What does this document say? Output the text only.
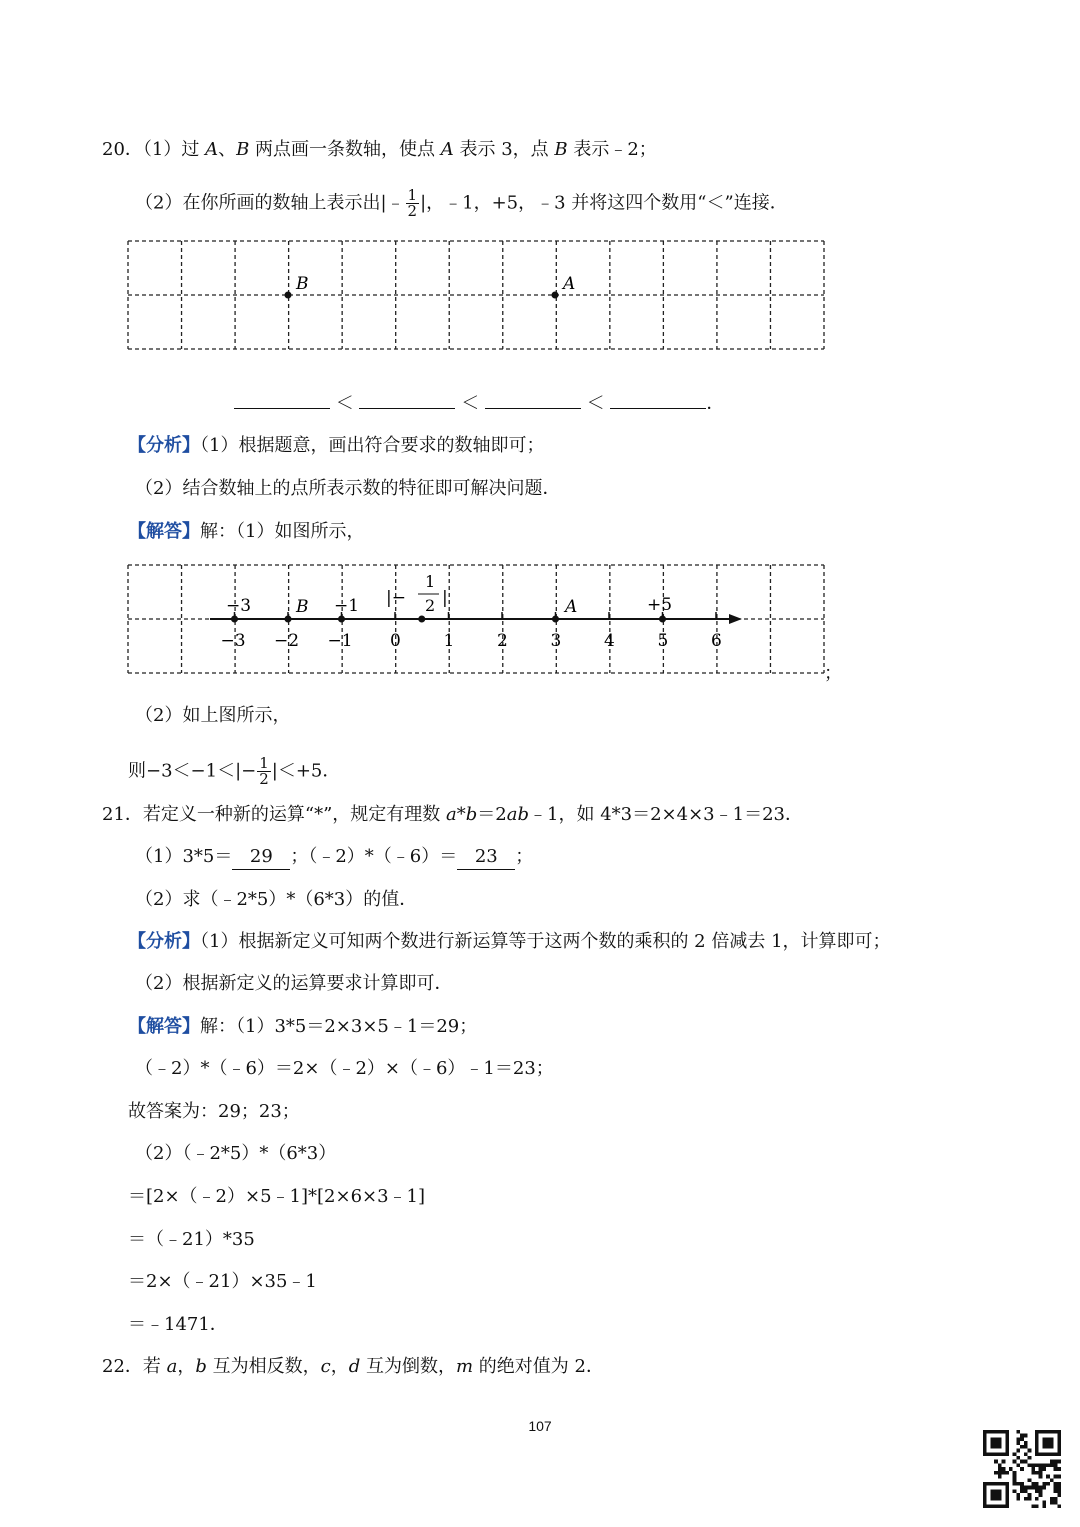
20．（1）过 A、B 两点画一条数轴，使点 A 表示 3，点 B 表示﹣2；
（2）在你所画的数轴上表示出|﹣ $\frac{1}{2}$ |，﹣1，+5，﹣3 并将这四个数用“＜”连接．
B	A
＜	＜	＜	．
【分析】（1）根据题意，画出符合要求的数轴即可；
（2）结合数轴上的点所表示数的特征即可解决问题．
【解答】解：（1）如图所示，
−3 −2 −1 0	1	2	3	4	5	6
−3	B −1 |−
1
2 |	A	+5
；
（2）如上图所示，
则$-3<-1<|- \frac{1}{2} |<+5$．
21．若定义一种新的运算“*”，规定有理数 a*b＝2ab﹣1，如 4*3＝2×4×3﹣1＝23．
（1）3*5＝ 29 ；（﹣2）*（﹣6）＝ 23 ；
（2）求（﹣2*5）*（6*3）的值．
【分析】（1）根据新定义可知两个数进行新运算等于这两个数的乘积的 2 倍减去 1，计算即可；
（2）根据新定义的运算要求计算即可．
【解答】解：（1）3*5＝2×3×5﹣1＝29；
（﹣2）*（﹣6）＝2×（﹣2）×（﹣6）﹣1＝23；
故答案为：29；23；
（2）（﹣2*5）*（6*3）
＝[2×（﹣2）×5﹣1]*[2×6×3﹣1]
＝（﹣21）*35
＝2×（﹣21）×35﹣1
＝﹣1471．
22．若 a，b 互为相反数，c，d 互为倒数，m 的绝对值为 2．
107
